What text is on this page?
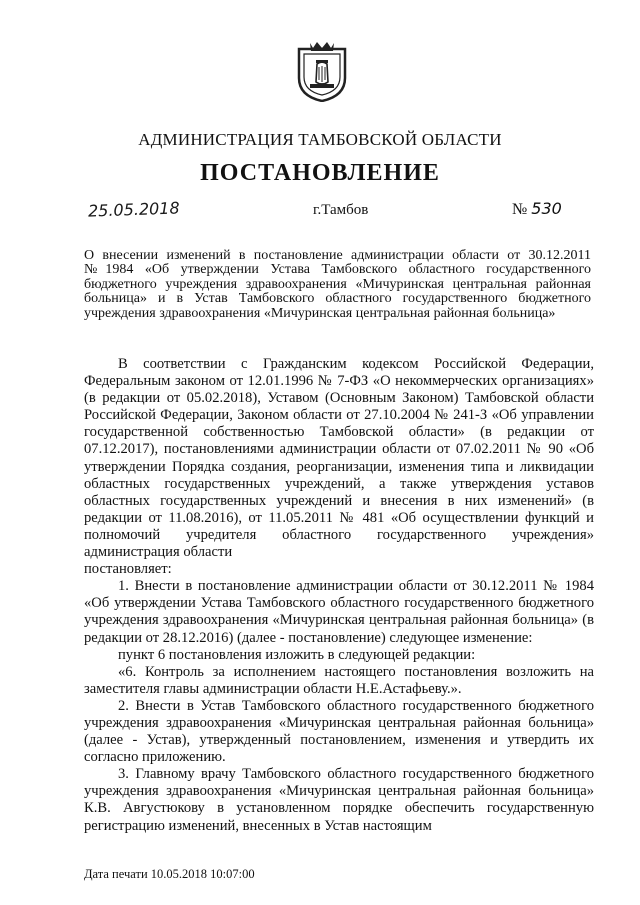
АДМИНИСТРАЦИЯ ТАМБОВСКОЙ ОБЛАСТИ
ПОСТАНОВЛЕНИЕ
25.05.2018	г.Тамбов	№ 530

О внесении изменений в постановление администрации области от 30.12.2011 №1984 «Об утверждении Устава Тамбовского областного государственного бюджетного учреждения здравоохранения «Мичуринская центральная районная больница» и в Устав Тамбовского областного государственного бюджетного учреждения здравоохранения «Мичуринская центральная районная больница»

В соответствии с Гражданским кодексом Российской Федерации, Федеральным законом от 12.01.1996 № 7-ФЗ «О некоммерческих организациях» (в редакции от 05.02.2018), Уставом (Основным Законом) Тамбовской области Российской Федерации, Законом области от 27.10.2004 № 241-З «Об управлении государственной собственностью Тамбовской области» (в редакции от 07.12.2017), постановлениями администрации области от 07.02.2011 № 90 «Об утверждении Порядка создания, реорганизации, изменения типа и ликвидации областных государственных учреждений, а также утверждения уставов областных государственных учреждений и внесения в них изменений» (в редакции от 11.08.2016), от 11.05.2011 № 481 «Об осуществлении функций и полномочий учредителя областного государственного учреждения» администрация области

постановляет:

1. Внести в постановление администрации области от 30.12.2011 № 1984 «Об утверждении Устава Тамбовского областного государственного бюджетного учреждения здравоохранения «Мичуринская центральная районная больница» (в редакции от 28.12.2016) (далее - постановление) следующее изменение:

пункт 6 постановления изложить в следующей редакции:

«6. Контроль за исполнением настоящего постановления возложить на заместителя главы администрации области Н.Е.Астафьеву.».

2. Внести в Устав Тамбовского областного государственного бюджетного учреждения здравоохранения «Мичуринская центральная районная больница» (далее - Устав), утвержденный постановлением, изменения и утвердить их согласно приложению.

3. Главному врачу Тамбовского областного государственного бюджетного учреждения здравоохранения «Мичуринская центральная районная больница» К.В. Августюкову в установленном порядке обеспечить государственную регистрацию изменений, внесенных в Устав настоящим

Дата печати 10.05.2018 10:07:00
